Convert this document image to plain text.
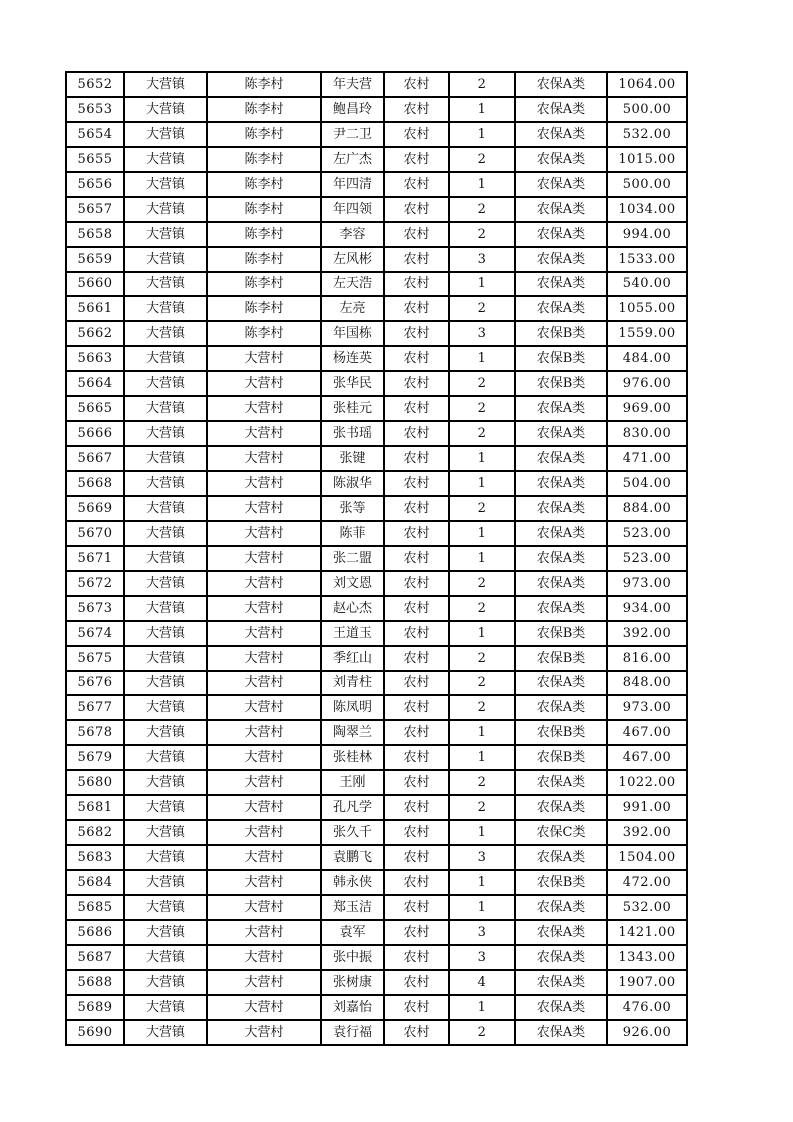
5652	大营镇	陈李村	年夫营	农村	2	农保A类	1064.00
5653	大营镇	陈李村	鲍昌玲	农村	1	农保A类	500.00
5654	大营镇	陈李村	尹二卫	农村	1	农保A类	532.00
5655	大营镇	陈李村	左广杰	农村	2	农保A类	1015.00
5656	大营镇	陈李村	年四清	农村	1	农保A类	500.00
5657	大营镇	陈李村	年四领	农村	2	农保A类	1034.00
5658	大营镇	陈李村	李容	农村	2	农保A类	994.00
5659	大营镇	陈李村	左风彬	农村	3	农保A类	1533.00
5660	大营镇	陈李村	左天浩	农村	1	农保A类	540.00
5661	大营镇	陈李村	左亮	农村	2	农保A类	1055.00
5662	大营镇	陈李村	年国栋	农村	3	农保B类	1559.00
5663	大营镇	大营村	杨连英	农村	1	农保B类	484.00
5664	大营镇	大营村	张华民	农村	2	农保B类	976.00
5665	大营镇	大营村	张桂元	农村	2	农保A类	969.00
5666	大营镇	大营村	张书瑶	农村	2	农保A类	830.00
5667	大营镇	大营村	张键	农村	1	农保A类	471.00
5668	大营镇	大营村	陈淑华	农村	1	农保A类	504.00
5669	大营镇	大营村	张等	农村	2	农保A类	884.00
5670	大营镇	大营村	陈菲	农村	1	农保A类	523.00
5671	大营镇	大营村	张二盟	农村	1	农保A类	523.00
5672	大营镇	大营村	刘文恩	农村	2	农保A类	973.00
5673	大营镇	大营村	赵心杰	农村	2	农保A类	934.00
5674	大营镇	大营村	王道玉	农村	1	农保B类	392.00
5675	大营镇	大营村	季红山	农村	2	农保B类	816.00
5676	大营镇	大营村	刘青柱	农村	2	农保A类	848.00
5677	大营镇	大营村	陈凤明	农村	2	农保A类	973.00
5678	大营镇	大营村	陶翠兰	农村	1	农保B类	467.00
5679	大营镇	大营村	张桂林	农村	1	农保B类	467.00
5680	大营镇	大营村	王刚	农村	2	农保A类	1022.00
5681	大营镇	大营村	孔凡学	农村	2	农保A类	991.00
5682	大营镇	大营村	张久千	农村	1	农保C类	392.00
5683	大营镇	大营村	袁鹏飞	农村	3	农保A类	1504.00
5684	大营镇	大营村	韩永侠	农村	1	农保B类	472.00
5685	大营镇	大营村	郑玉洁	农村	1	农保A类	532.00
5686	大营镇	大营村	袁军	农村	3	农保A类	1421.00
5687	大营镇	大营村	张中振	农村	3	农保A类	1343.00
5688	大营镇	大营村	张树康	农村	4	农保A类	1907.00
5689	大营镇	大营村	刘嘉怡	农村	1	农保A类	476.00
5690	大营镇	大营村	袁行福	农村	2	农保A类	926.00
